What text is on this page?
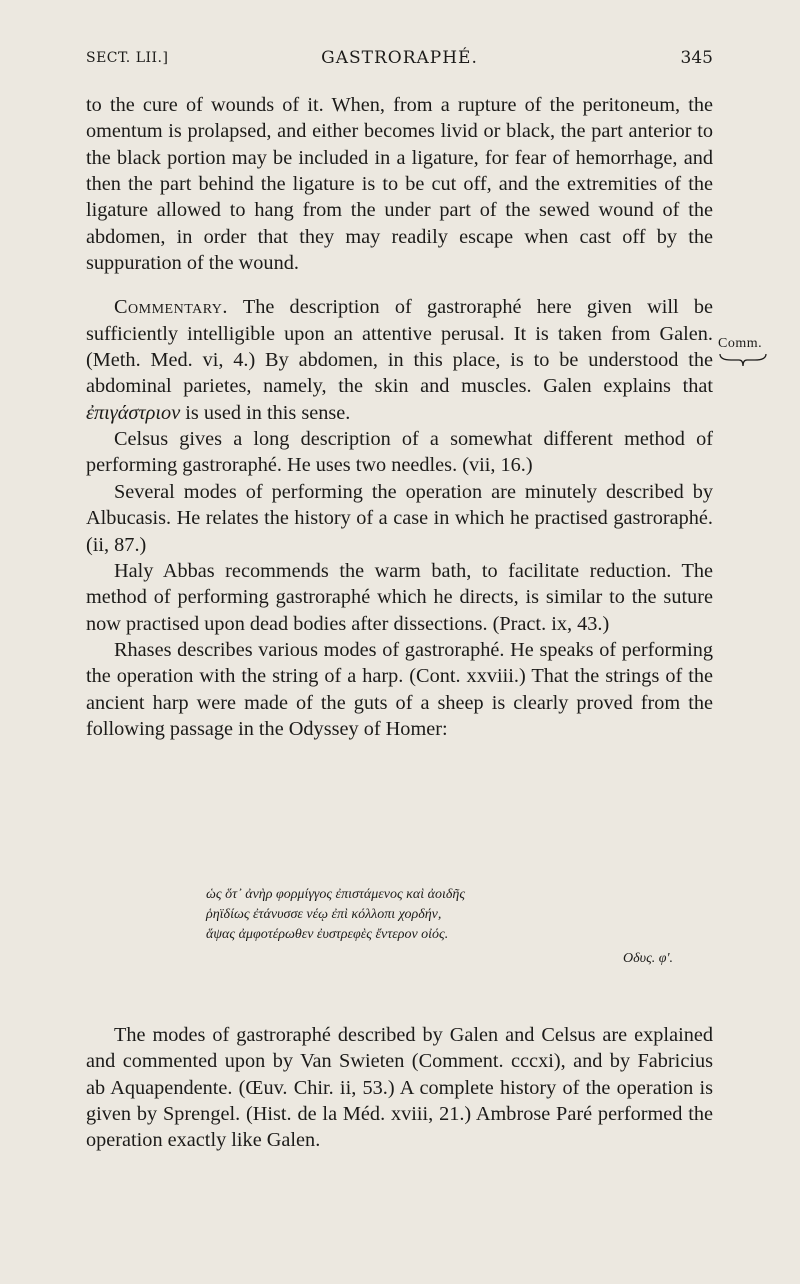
SECT. LII.]	GASTRORAPHÉ.	345
Comm.

to the cure of wounds of it. When, from a rupture of the peritoneum, the omentum is prolapsed, and either becomes livid or black, the part anterior to the black portion may be included in a ligature, for fear of hemorrhage, and then the part behind the ligature is to be cut off, and the extremities of the ligature allowed to hang from the under part of the sewed wound of the abdomen, in order that they may readily escape when cast off by the suppuration of the wound.

Commentary. The description of gastroraphé here given will be sufficiently intelligible upon an attentive perusal. It is taken from Galen. (Meth. Med. vi, 4.) By abdomen, in this place, is to be understood the abdominal parietes, namely, the skin and muscles. Galen explains that ἐπιγάστριον is used in this sense.

Celsus gives a long description of a somewhat different method of performing gastroraphé. He uses two needles. (vii, 16.)

Several modes of performing the operation are minutely described by Albucasis. He relates the history of a case in which he practised gastroraphé. (ii, 87.)

Haly Abbas recommends the warm bath, to facilitate reduction. The method of performing gastroraphé which he directs, is similar to the suture now practised upon dead bodies after dissections. (Pract. ix, 43.)

Rhases describes various modes of gastroraphé. He speaks of performing the operation with the string of a harp. (Cont. xxviii.) That the strings of the ancient harp were made of the guts of a sheep is clearly proved from the following passage in the Odyssey of Homer:

ὡς ὅτ᾽ ἀνὴρ φορμίγγος ἐπιστάμενος καὶ ἀοιδῆς
ῥηϊδίως ἐτάνυσσε νέῳ ἐπὶ κόλλοπι χορδήν,
ἅψας ἀμφοτέρωθεν ἐυστρεφὲς ἔντερον οἰός.
Οδυς. φ'.

The modes of gastroraphé described by Galen and Celsus are explained and commented upon by Van Swieten (Comment. cccxi), and by Fabricius ab Aquapendente. (Œuv. Chir. ii, 53.) A complete history of the operation is given by Sprengel. (Hist. de la Méd. xviii, 21.) Ambrose Paré performed the operation exactly like Galen.
